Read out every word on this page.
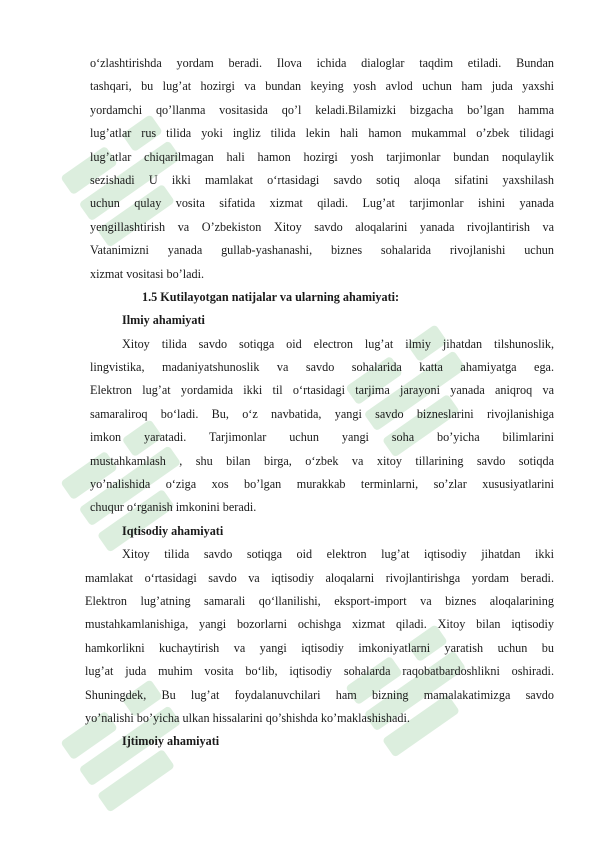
o‘zlashtirishda yordam beradi. Ilova ichida dialoglar taqdim etiladi. Bundan
tashqari, bu lug’at hozirgi va bundan keying yosh avlod uchun ham juda yaxshi
yordamchi qo’llanma vositasida qo’l keladi.Bilamizki bizgacha bo’lgan hamma
lug’atlar rus tilida yoki ingliz tilida lekin hali hamon mukammal o’zbek tilidagi
lug’atlar chiqarilmagan hali hamon hozirgi yosh tarjimonlar bundan noqulaylik
sezishadi U ikki mamlakat o‘rtasidagi savdo sotiq aloqa sifatini yaxshilash
uchun qulay vosita sifatida xizmat qiladi. Lug’at tarjimonlar ishini yanada
yengillashtirish va O’zbekiston Xitoy savdo aloqalarini yanada rivojlantirish va
Vatanimizni yanada gullab-yashanashi, biznes sohalarida rivojlanishi uchun
xizmat vositasi bo’ladi.
1.5 Kutilayotgan natijalar va ularning ahamiyati:
Ilmiy ahamiyati
Xitoy tilida savdo sotiqga oid electron lug’at ilmiy jihatdan tilshunoslik,
lingvistika, madaniyatshunoslik va savdo sohalarida katta ahamiyatga ega.
Elektron lug’at yordamida ikki til o‘rtasidagi tarjima jarayoni yanada aniqroq va
samaraliroq bo‘ladi. Bu, o‘z navbatida, yangi savdo bizneslarini rivojlanishiga
imkon yaratadi. Tarjimonlar uchun yangi soha bo’yicha bilimlarini
mustahkamlash , shu bilan birga, o‘zbek va xitoy tillarining savdo sotiqda
yo’nalishida o‘ziga xos bo’lgan murakkab terminlarni, so’zlar xususiyatlarini
chuqur o‘rganish imkonini beradi.
Iqtisodiy ahamiyati
Xitoy tilida savdo sotiqga oid elektron lug’at iqtisodiy jihatdan ikki
mamlakat o‘rtasidagi savdo va iqtisodiy aloqalarni rivojlantirishga yordam beradi.
Elektron lug’atning samarali qo‘llanilishi, eksport-import va biznes aloqalarining
mustahkamlanishiga, yangi bozorlarni ochishga xizmat qiladi. Xitoy bilan iqtisodiy
hamkorlikni kuchaytirish va yangi iqtisodiy imkoniyatlarni yaratish uchun bu
lug’at juda muhim vosita bo‘lib, iqtisodiy sohalarda raqobatbardoshlikni oshiradi.
Shuningdek, Bu lug’at foydalanuvchilari ham bizning mamalakatimizga savdo
yo’nalishi bo’yicha ulkan hissalarini qo’shishda ko’maklashishadi.
Ijtimoiy ahamiyati
